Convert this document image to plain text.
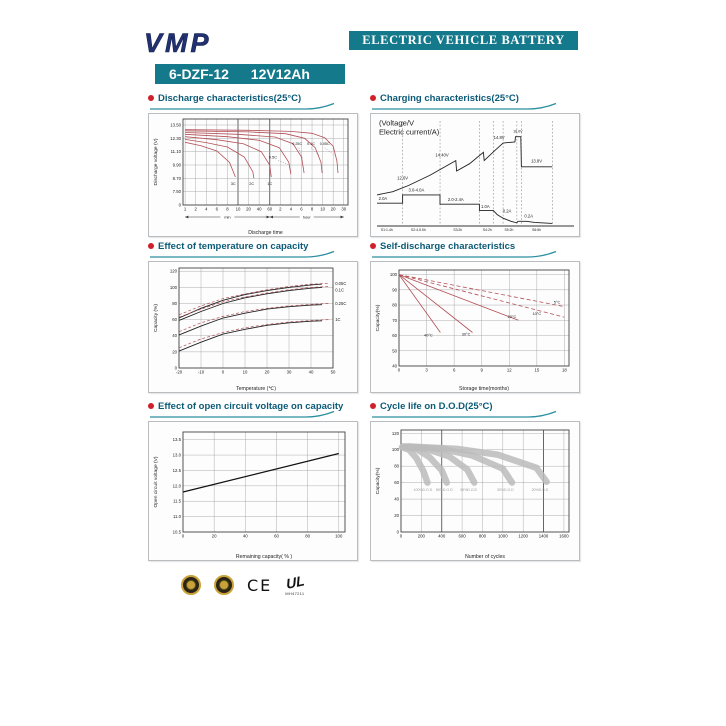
VMP	ELECTRIC VEHICLE BATTERY
6-DZF-12 12V12Ah
Discharge characteristics(25°C)
1 2 4 6 8 10 20 40 60 2 4 6 8 10 20 30
13.50
12.30
11.10
9.90
8.70
7.50
0
3C	2C	1C
0.5C
0.25C 0.1C 0.05C
min	hour
Discharge time
Discharge voltage (V)
Charging characteristics(25°C)
S1:1-4h	S2:4-5.5h	S3:2h	S4:2h	S5:2h	S6:6h
(Voltage/V
Electric current/A)
12.6V
14.40V
14.8V
16.0V
13.8V
2.0A
3.0-4.0A
2.0-2.4A
1.0A
0.2A
0.2A
Effect of temperature on capacity
-20	-10	0	10	20	30	40	50
0
20
40
60
80
100
120
0.05C
0.1C
0.25C
1C
Temperature (℃)
Capacity (%)
Self-discharge characteristics
0	3	6	9	12	15	18
40
50
60
70
80
90
100
40°C	30°C
20°C
10°C
5°C
Storage time(months)
Capacity(%)
Effect of open circuit voltage on capacity
0	20	40	60	80	100
10.5
11.0
11.5
12.0
12.5
13.0
13.5
Remaining capacity( % )
Open circuit voltage (V)
Cycle life on D.O.D(25°C)
0	200	400	600	800	1000	1200	1400	1600
0
20
40
60
80
100
120
100%D.O.D 80%D.O.D 50%D.O.D	30%D.O.D	20%D.O.D
Number of cycles
Capacity(%)
CE UL
MH47211
